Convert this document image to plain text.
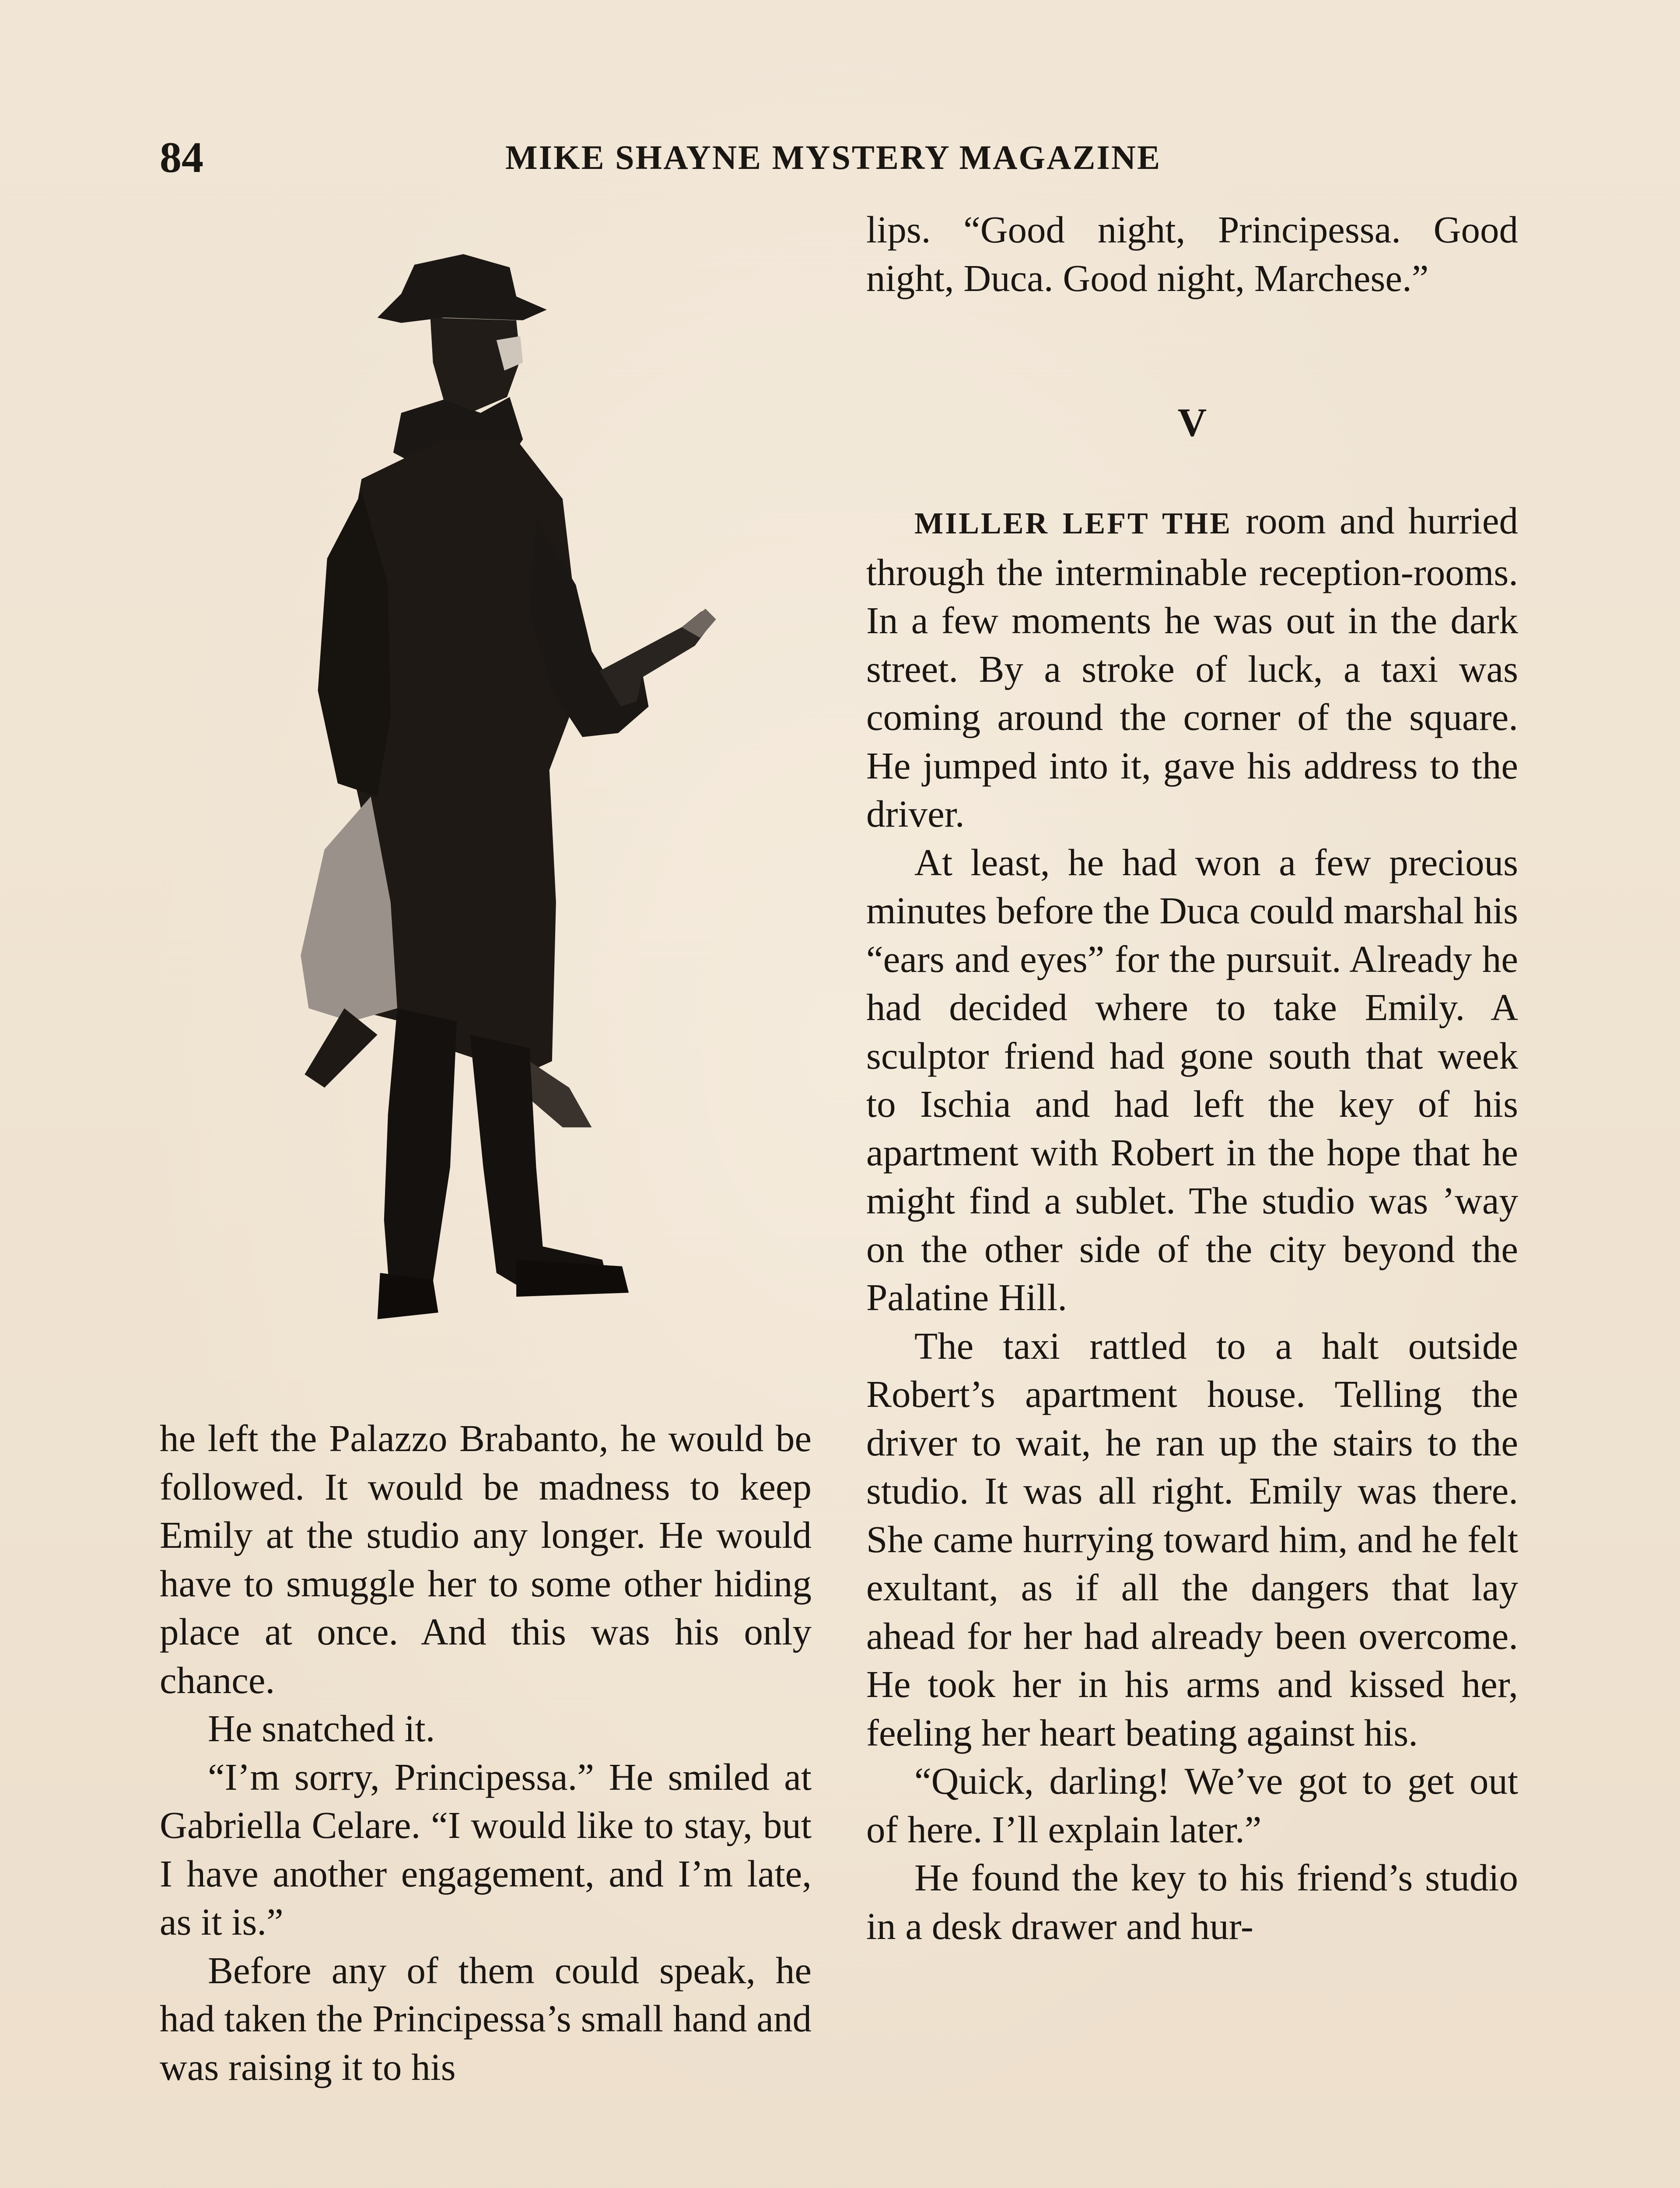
84	MIKE SHAYNE MYSTERY MAGAZINE

lips. “Good night, Principessa. Good night, Duca. Good night, Marchese.”

V

MILLER LEFT THE room and hurried through the interminable reception-rooms. In a few moments he was out in the dark street. By a stroke of luck, a taxi was coming around the corner of the square. He jumped into it, gave his address to the driver.

At least, he had won a few precious minutes before the Duca could marshal his “ears and eyes” for the pursuit. Already he had decided where to take Emily. A sculptor friend had gone south that week to Ischia and had left the key of his apartment with Robert in the hope that he might find a sublet. The studio was ’way on the other side of the city beyond the Palatine Hill.

The taxi rattled to a halt outside Robert’s apartment house. Telling the driver to wait, he ran up the stairs to the studio. It was all right. Emily was there. She came hurrying toward him, and he felt exultant, as if all the dangers that lay ahead for her had already been overcome. He took her in his arms and kissed her, feeling her heart beating against his.

“Quick, darling! We’ve got to get out of here. I’ll explain later.”

He found the key to his friend’s studio in a desk drawer and hur-

he left the Palazzo Brabanto, he would be followed. It would be madness to keep Emily at the studio any longer. He would have to smuggle her to some other hiding place at once. And this was his only chance.

He snatched it.

“I’m sorry, Principessa.” He smiled at Gabriella Celare. “I would like to stay, but I have another engagement, and I’m late, as it is.”

Before any of them could speak, he had taken the Principessa’s small hand and was raising it to his
